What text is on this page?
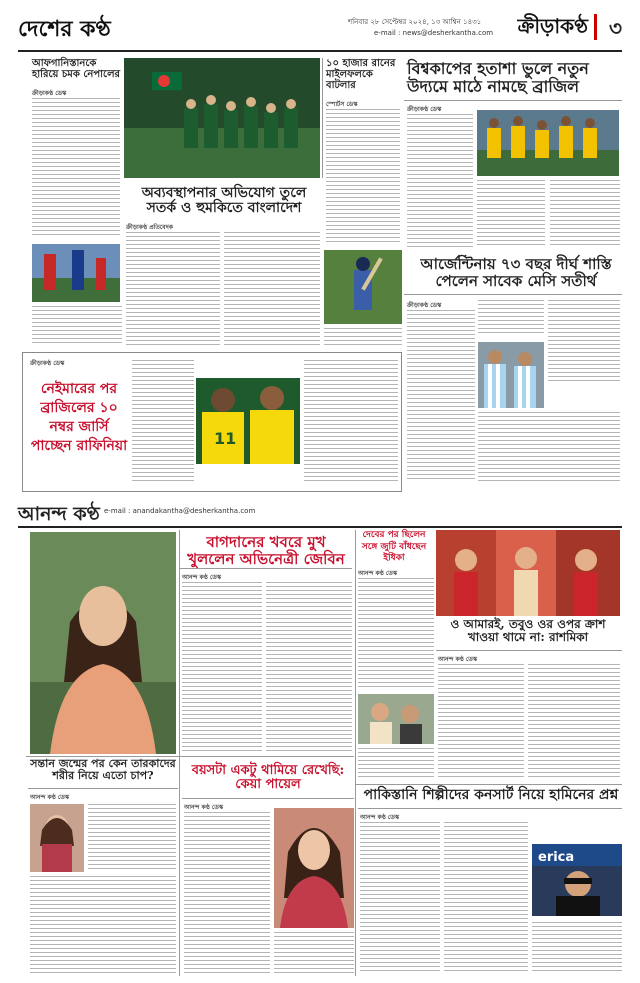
দেশের কণ্ঠ	শনিবার ২৮ সেপ্টেম্বর ২০২৪, ১৩ আশ্বিন ১৪৩১
e-mail : news@desherkantha.com ক্রীড়াকণ্ঠ	৩
আফগানিস্তানকে হারিয়ে চমক নেপালের
ক্রীড়াকণ্ঠ ডেস্ক
১০ হাজার রানের মাইলফলকে বাটলার
স্পোর্টস ডেস্ক
বিশ্বকাপের হতাশা ভুলে নতুন উদ্যমে মাঠে নামছে ব্রাজিল
ক্রীড়াকণ্ঠ ডেস্ক
অব্যবস্থাপনার অভিযোগ তুলে সতর্ক ও হুমকিতে বাংলাদেশ
ক্রীড়াকণ্ঠ প্রতিবেদক
আর্জেন্টিনায় ৭৩ বছর দীর্ঘ শাস্তি পেলেন সাবেক মেসি সতীর্থ
ক্রীড়াকণ্ঠ ডেস্ক
ক্রীড়াকণ্ঠ ডেস্ক
নেইমারের পর ব্রাজিলের ১০ নম্বর জার্সি পাচ্ছেন রাফিনিয়া	11
আনন্দ কণ্ঠ e-mail : anandakantha@desherkantha.com
বাগদানের খবরে মুখ খুললেন অভিনেত্রী জেবিন
আনন্দ কণ্ঠ ডেস্ক
দেবের পর ছিলেন সঙ্গে জুটি বাঁধছেন ইধিকা
আনন্দ কণ্ঠ ডেস্ক
ও আমারই, তবুও ওর ওপর ক্রাশ খাওয়া থামে না: রাশমিকা
আনন্দ কণ্ঠ ডেস্ক
সন্তান জন্মের পর কেন তারকাদের শরীর নিয়ে এতো চাপ?
আনন্দ কণ্ঠ ডেস্ক
বয়সটা একটু থামিয়ে রেখেছি: কেয়া পায়েল
আনন্দ কণ্ঠ ডেস্ক
পাকিস্তানি শিল্পীদের কনসার্ট নিয়ে হামিনের প্রশ্ন
আনন্দ কণ্ঠ ডেস্ক
erica
